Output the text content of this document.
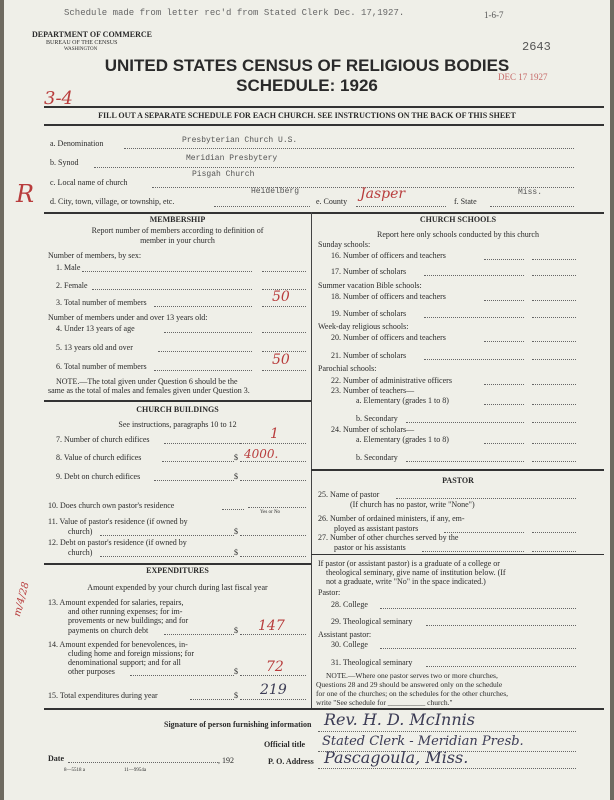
Schedule made from letter rec'd from Stated Clerk Dec. 17,1927.	1-6-7
2643
DEPARTMENT OF COMMERCE
BUREAU OF THE CENSUS
WASHINGTON
UNITED STATES CENSUS OF RELIGIOUS BODIES
SCHEDULE: 1926	DEC 17 1927
3-4
FILL OUT A SEPARATE SCHEDULE FOR EACH CHURCH. SEE INSTRUCTIONS ON THE BACK OF THIS SHEET
R
a. Denomination	Presbyterian Church U.S.
b. Synod	Meridian Presbytery
c. Local name of church
Pisgah Church
d. City, town, village, or township, etc.
Heidelberg
e. County Jasper	f. State
Miss.
MEMBERSHIP
Report number of members according to definition of
member in your church
Number of members, by sex:
1. Male
2. Female
3. Total number of members	50
Number of members under and over 13 years old:
4. Under 13 years of age
5. 13 years old and over
6. Total number of members	50
NOTE.—The total given under Question 6 should be the
same as the total of males and females given under Question 3.
CHURCH BUILDINGS
See instructions, paragraphs 10 to 12
7. Number of church edifices	1
8. Value of church edifices	$ 4000.
9. Debt on church edifices	$
10. Does church own pastor's residence
Yes or No
11. Value of pastor's residence (if owned by
church)	$
12. Debt on pastor's residence (if owned by
church)	$
EXPENDITURES
Amount expended by your church during last fiscal year
m/4/28 13. Amount expended for salaries, repairs,
and other running expenses; for im-
provements or new buildings; and for
payments on church debt	$ 147
14. Amount expended for benevolences, in-
cluding home and foreign missions; for
denominational support; and for all
other purposes	$ 72
15. Total expenditures during year	$ 219
CHURCH SCHOOLS
Report here only schools conducted by this church
Sunday schools:
16. Number of officers and teachers
17. Number of scholars
Summer vacation Bible schools:
18. Number of officers and teachers
19. Number of scholars
Week-day religious schools:
20. Number of officers and teachers
21. Number of scholars
Parochial schools:
22. Number of administrative officers
23. Number of teachers—
a. Elementary (grades 1 to 8)
b. Secondary
24. Number of scholars—
a. Elementary (grades 1 to 8)
b. Secondary
PASTOR
25. Name of pastor
(If church has no pastor, write "None")
26. Number of ordained ministers, if any, em-
ployed as assistant pastors
27. Number of other churches served by the
pastor or his assistants
If pastor (or assistant pastor) is a graduate of a college or
theological seminary, give name of institution below. (If
not a graduate, write "No" in the space indicated.)
Pastor:
28. College
29. Theological seminary
Assistant pastor:
30. College
31. Theological seminary
NOTE.—Where one pastor serves two or more churches,
Questions 28 and 29 should be answered only on the schedule
for one of the churches; on the schedules for the other churches,
write "See schedule for __________ church."
Signature of person furnishing information Rev. H. D. McInnis
Official title Stated Clerk - Meridian Presb.
Date	, 192	P. O. Address Pascagoula, Miss.
8—5518 a	11—9954a
